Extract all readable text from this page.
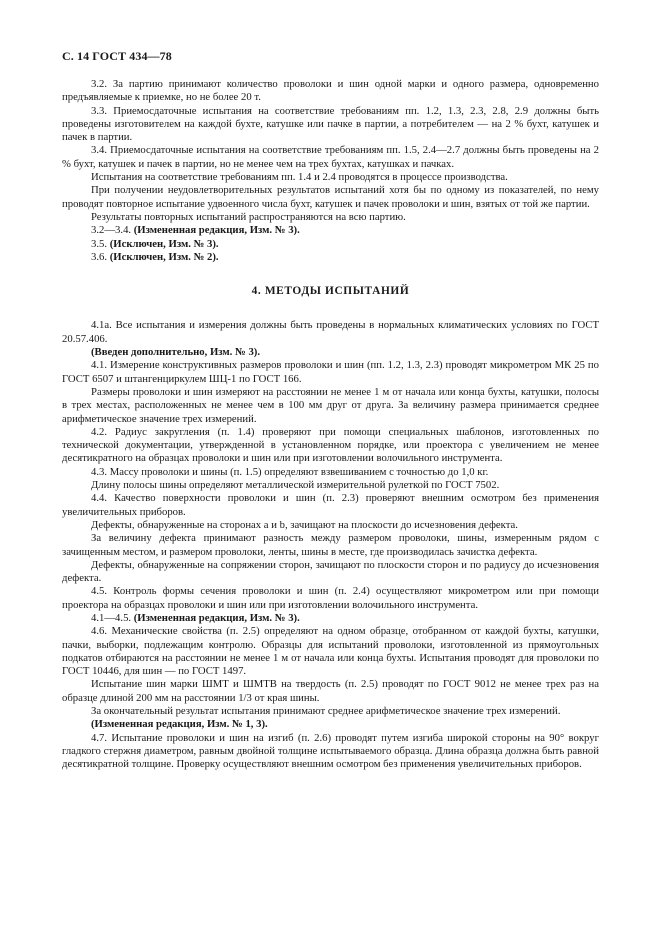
С. 14 ГОСТ 434—78

3.2. За партию принимают количество проволоки и шин одной марки и одного размера, одновременно предъявляемые к приемке, но не более 20 т.

3.3. Приемосдаточные испытания на соответствие требованиям пп. 1.2, 1.3, 2.3, 2.8, 2.9 должны быть проведены изготовителем на каждой бухте, катушке или пачке в партии, а потребителем — на 2 % бухт, катушек и пачек в партии.

3.4. Приемосдаточные испытания на соответствие требованиям пп. 1.5, 2.4—2.7 должны быть проведены на 2 % бухт, катушек и пачек в партии, но не менее чем на трех бухтах, катушках и пачках.

Испытания на соответствие требованиям пп. 1.4 и 2.4 проводятся в процессе производства.

При получении неудовлетворительных результатов испытаний хотя бы по одному из показателей, по нему проводят повторное испытание удвоенного числа бухт, катушек и пачек проволоки и шин, взятых от той же партии.

Результаты повторных испытаний распространяются на всю партию.

3.2—3.4. (Измененная редакция, Изм. № 3).

3.5. (Исключен, Изм. № 3).

3.6. (Исключен, Изм. № 2).

4. МЕТОДЫ ИСПЫТАНИЙ

4.1а. Все испытания и измерения должны быть проведены в нормальных климатических условиях по ГОСТ 20.57.406.

(Введен дополнительно, Изм. № 3).

4.1. Измерение конструктивных размеров проволоки и шин (пп. 1.2, 1.3, 2.3) проводят микрометром МК 25 по ГОСТ 6507 и штангенциркулем ШЦ-1 по ГОСТ 166.

Размеры проволоки и шин измеряют на расстоянии не менее 1 м от начала или конца бухты, катушки, полосы в трех местах, расположенных не менее чем в 100 мм друг от друга. За величину размера принимается среднее арифметическое значение трех измерений.

4.2. Радиус закругления (п. 1.4) проверяют при помощи специальных шаблонов, изготовленных по технической документации, утвержденной в установленном порядке, или проектора с увеличением не менее десятикратного на образцах проволоки и шин или при изготовлении волочильного инструмента.

4.3. Массу проволоки и шины (п. 1.5) определяют взвешиванием с точностью до 1,0 кг.

Длину полосы шины определяют металлической измерительной рулеткой по ГОСТ 7502.

4.4. Качество поверхности проволоки и шин (п. 2.3) проверяют внешним осмотром без применения увеличительных приборов.

Дефекты, обнаруженные на сторонах a и b, зачищают на плоскости до исчезновения дефекта.

За величину дефекта принимают разность между размером проволоки, шины, измеренным рядом с зачищенным местом, и размером проволоки, ленты, шины в месте, где производилась зачистка дефекта.

Дефекты, обнаруженные на сопряжении сторон, зачищают по плоскости сторон и по радиусу до исчезновения дефекта.

4.5. Контроль формы сечения проволоки и шин (п. 2.4) осуществляют микрометром или при помощи проектора на образцах проволоки и шин или при изготовлении волочильного инструмента.

4.1—4.5. (Измененная редакция, Изм. № 3).

4.6. Механические свойства (п. 2.5) определяют на одном образце, отобранном от каждой бухты, катушки, пачки, выборки, подлежащим контролю. Образцы для испытаний проволоки, изготовленной из прямоугольных подкатов отбираются на расстоянии не менее 1 м от начала или конца бухты. Испытания проводят для проволоки по ГОСТ 10446, для шин — по ГОСТ 1497.

Испытание шин марки ШМТ и ШМТВ на твердость (п. 2.5) проводят по ГОСТ 9012 не менее трех раз на образце длиной 200 мм на расстоянии 1/3 от края шины.

За окончательный результат испытания принимают среднее арифметическое значение трех измерений.

(Измененная редакция, Изм. № 1, 3).

4.7. Испытание проволоки и шин на изгиб (п. 2.6) проводят путем изгиба широкой стороны на 90° вокруг гладкого стержня диаметром, равным двойной толщине испытываемого образца. Длина образца должна быть равной десятикратной толщине. Проверку осуществляют внешним осмотром без применения увеличительных приборов.
